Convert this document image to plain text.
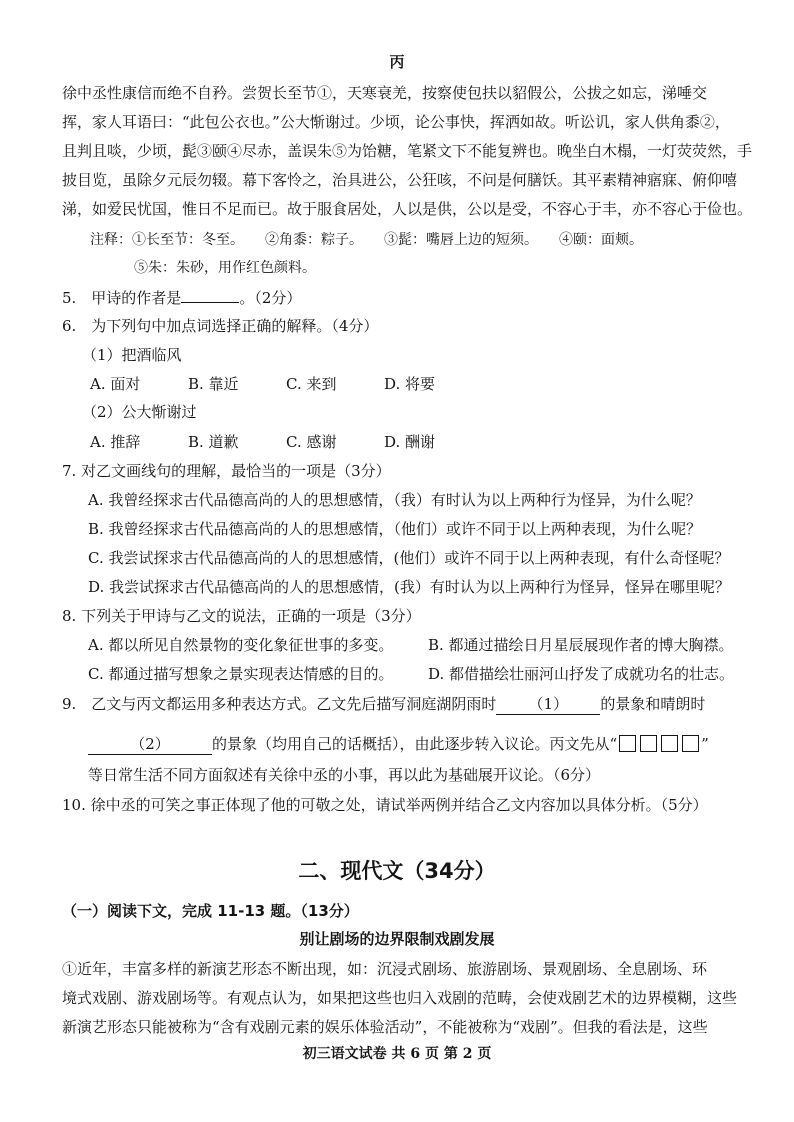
丙
徐中丞性康信而绝不自矜。尝贺长至节①，天寒衰羌，按察使包扶以貂假公，公拔之如忘，涕唾交
挥，家人耳语曰：“此包公衣也。”公大惭谢过。少顷，论公事快，挥洒如故。听讼讥，家人供角黍②，
且判且啖，少顷，髭③颐④尽赤，盖误朱⑤为饴糖，笔紧文下不能复辨也。晚坐白木榻，一灯荧荧然，手
披目览，虽除夕元辰勿辍。幕下客怜之，治具进公，公狂咳，不问是何膳饫。其平素精神寤寐、俯仰嘻
涕，如爱民忧国，惟日不足而已。故于服食居处，人以是供，公以是受，不容心于丰，亦不容心于俭也。
注释：①长至节：冬至。　　②角黍：粽子。　　③髭：嘴唇上边的短须。　　④颐：面颊。
⑤朱：朱砂，用作红色颜料。
5.　甲诗的作者是	。（2分）
6.　为下列句中加点词选择正确的解释。（4分）
（1）把酒临风
A. 面对	B. 靠近	C. 来到	D. 将要
（2）公大惭谢过
A. 推辞	B. 道歉	C. 感谢	D. 酬谢
7. 对乙文画线句的理解，最恰当的一项是（3分）
A. 我曾经探求古代品德高尚的人的思想感情，（我）有时认为以上两种行为怪异，为什么呢？
B. 我曾经探求古代品德高尚的人的思想感情，（他们）或许不同于以上两种表现，为什么呢？
C. 我尝试探求古代品德高尚的人的思想感情，(他们）或许不同于以上两种表现，有什么奇怪呢？
D. 我尝试探求古代品德高尚的人的思想感情，(我）有时认为以上两种行为怪异，怪异在哪里呢？
8. 下列关于甲诗与乙文的说法，正确的一项是（3分）
A. 都以所见自然景物的变化象征世事的多变。 B. 都通过描绘日月星辰展现作者的博大胸襟。
C. 都通过描写想象之景实现表达情感的目的。 D. 都借描绘壮丽河山抒发了成就功名的壮志。
9.　乙文与丙文都运用多种表达方式。乙文先后描写洞庭湖阴雨时 （1） 的景象和晴朗时
（2）	的景象（均用自己的话概括），由此逐步转入议论。丙文先从“	”
等日常生活不同方面叙述有关徐中丞的小事，再以此为基础展开议论。（6分）
10. 徐中丞的可笑之事正体现了他的可敬之处，请试举两例并结合乙文内容加以具体分析。（5分）
二、现代文（34分）
（一）阅读下文，完成 11-13 题。（13分）
别让剧场的边界限制戏剧发展
①近年，丰富多样的新演艺形态不断出现，如：沉浸式剧场、旅游剧场、景观剧场、全息剧场、环
境式戏剧、游戏剧场等。有观点认为，如果把这些也归入戏剧的范畴，会使戏剧艺术的边界模糊，这些
新演艺形态只能被称为“含有戏剧元素的娱乐体验活动”，不能被称为“戏剧”。但我的看法是，这些
初三语文试卷 共 6 页 第 2 页
